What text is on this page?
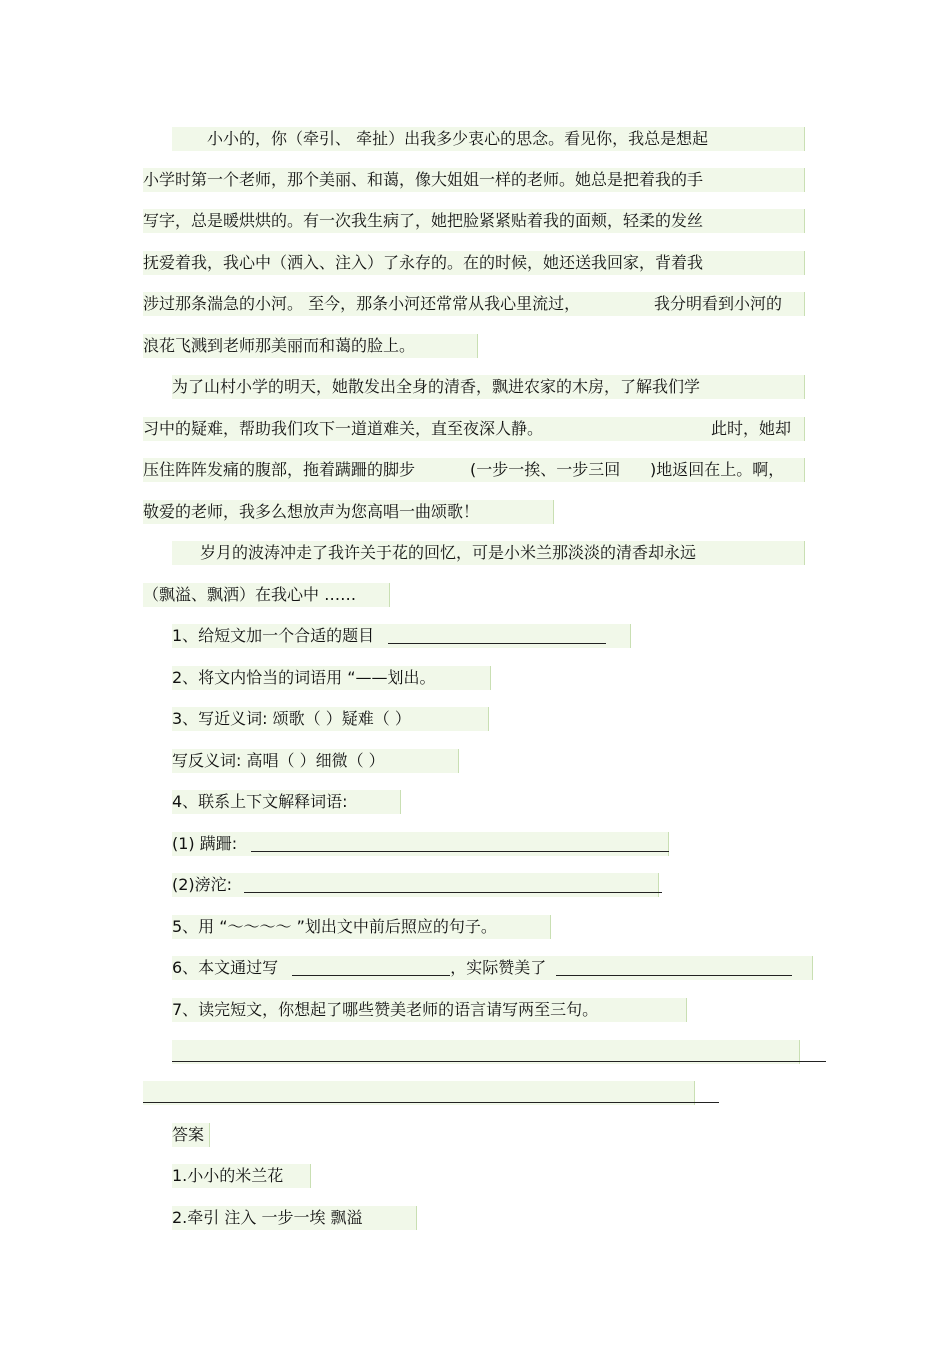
小小的，你（牵引、 牵扯）出我多少衷心的思念。看见你，我总是想起
小学时第一个老师，那个美丽、和蔼，像大姐姐一样的老师。她总是把着我的手
写字，总是暖烘烘的。有一次我生病了，她把脸紧紧贴着我的面颊，轻柔的发丝
抚爱着我，我心中（洒入、注入）了永存的。在的时候，她还送我回家，背着我
涉过那条湍急的小河。 至今，那条小河还常常从我心里流过，	我分明看到小河的
浪花飞溅到老师那美丽而和蔼的脸上。
为了山村小学的明天，她散发出全身的清香，飘进农家的木房，了解我们学
习中的疑难，帮助我们攻下一道道难关，直至夜深人静。	此时，她却
压住阵阵发痛的腹部，拖着蹒跚的脚步	(一步一挨、一步三回 )地返回在上。啊，
敬爱的老师，我多么想放声为您高唱一曲颂歌！
岁月的波涛冲走了我许关于花的回忆，可是小米兰那淡淡的清香却永远
（飘溢、飘洒）在我心中 ……
1、给短文加一个合适的题目
2、将文内恰当的词语用 “——划出。
3、写近义词: 颂歌（ ）疑难（ ）
写反义词: 高唱（ ）细微（ ）
4、联系上下文解释词语:
(1) 蹒跚:
(2)滂沱:
5、用 “～～～～ ”划出文中前后照应的句子。
6、本文通过写	，实际赞美了
7、读完短文，你想起了哪些赞美老师的语言请写两至三句。
答案
1.小小的米兰花
2.牵引 注入 一步一埃 飘溢
